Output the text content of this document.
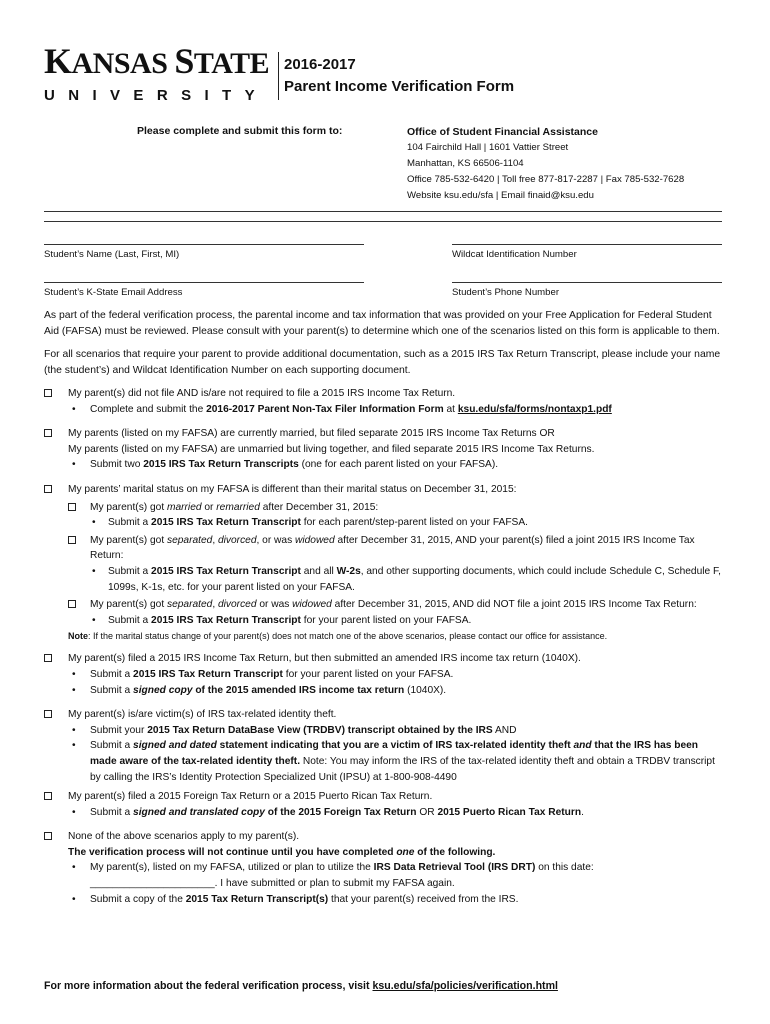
KANSAS STATE
UNIVERSITY
2016-2017
Parent Income Verification Form
Please complete and submit this form to:	Office of Student Financial Assistance
104 Fairchild Hall | 1601 Vattier Street
Manhattan, KS 66506-1104
Office 785-532-6420 | Toll free 877-817-2287 | Fax 785-532-7628
Website ksu.edu/sfa | Email finaid@ksu.edu
Student’s Name (Last, First, MI)	Wildcat Identification Number
Student’s K-State Email Address	Student’s Phone Number

As part of the federal verification process, the parental income and tax information that was provided on your Free Application for Federal Student Aid (FAFSA) must be reviewed. Please consult with your parent(s) to determine which one of the scenarios listed on this form is applicable to them.

For all scenarios that require your parent to provide additional documentation, such as a 2015 IRS Tax Return Transcript, please include your name (the student’s) and Wildcat Identification Number on each supporting document.

My parent(s) did not file AND is/are not required to file a 2015 IRS Income Tax Return.
• Complete and submit the 2016-2017 Parent Non-Tax Filer Information Form at ksu.edu/sfa/forms/nontaxp1.pdf
My parents (listed on my FAFSA) are currently married, but filed separate 2015 IRS Income Tax Returns OR
My parents (listed on my FAFSA) are unmarried but living together, and filed separate 2015 IRS Income Tax Returns.
• Submit two 2015 IRS Tax Return Transcripts (one for each parent listed on your FAFSA).
My parents’ marital status on my FAFSA is different than their marital status on December 31, 2015:
My parent(s) got married or remarried after December 31, 2015:
• Submit a 2015 IRS Tax Return Transcript for each parent/step-parent listed on your FAFSA.
My parent(s) got separated, divorced, or was widowed after December 31, 2015, AND your parent(s) filed a joint 2015 IRS Income Tax Return:
• Submit a 2015 IRS Tax Return Transcript and all W-2s, and other supporting documents, which could include Schedule C, Schedule F, 1099s, K-1s, etc. for your parent listed on your FAFSA.
My parent(s) got separated, divorced or was widowed after December 31, 2015, AND did NOT file a joint 2015 IRS Income Tax Return:
• Submit a 2015 IRS Tax Return Transcript for your parent listed on your FAFSA.
Note: If the marital status change of your parent(s) does not match one of the above scenarios, please contact our office for assistance.
My parent(s) filed a 2015 IRS Income Tax Return, but then submitted an amended IRS income tax return (1040X).
• Submit a 2015 IRS Tax Return Transcript for your parent listed on your FAFSA.
• Submit a signed copy of the 2015 amended IRS income tax return (1040X).
My parent(s) is/are victim(s) of IRS tax-related identity theft.
• Submit your 2015 Tax Return DataBase View (TRDBV) transcript obtained by the IRS AND
• Submit a signed and dated statement indicating that you are a victim of IRS tax-related identity theft and that the IRS has been made aware of the tax-related identity theft. Note: You may inform the IRS of the tax-related identity theft and obtain a TRDBV transcript by calling the IRS’s Identity Protection Specialized Unit (IPSU) at 1-800-908-4490
My parent(s) filed a 2015 Foreign Tax Return or a 2015 Puerto Rican Tax Return.
• Submit a signed and translated copy of the 2015 Foreign Tax Return OR 2015 Puerto Rican Tax Return.
None of the above scenarios apply to my parent(s).
The verification process will not continue until you have completed one of the following.
• My parent(s), listed on my FAFSA, utilized or plan to utilize the IRS Data Retrieval Tool (IRS DRT) on this date: ______________________. I have submitted or plan to submit my FAFSA again.
• Submit a copy of the 2015 Tax Return Transcript(s) that your parent(s) received from the IRS.
For more information about the federal verification process, visit ksu.edu/sfa/policies/verification.html
